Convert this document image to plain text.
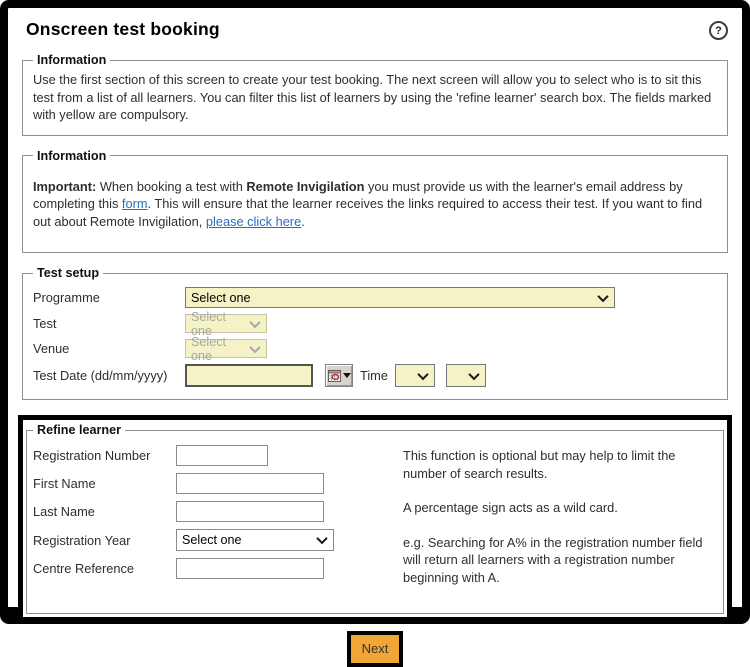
Onscreen test booking	?
Information

Use the first section of this screen to create your test booking. The next screen will allow you to select who is to sit this test from a list of all learners. You can filter this list of learners by using the 'refine learner' search box. The fields marked with yellow are compulsory.

Information

Important: When booking a test with Remote Invigilation you must provide us with the learner's email address by completing this form. This will ensure that the learner receives the links required to access their test. If you want to find out about Remote Invigilation, please click here.

Test setup
Programme	Select one
Test	Select one
Venue	Select one
Test Date (dd/mm/yyyy)	Time
Refine learner
Registration Number
First Name
Last Name
Registration Year	Select one
Centre Reference

This function is optional but may help to limit the number of search results.

A percentage sign acts as a wild card.

e.g. Searching for A% in the registration number field will return all learners with a registration number beginning with A.

Next
